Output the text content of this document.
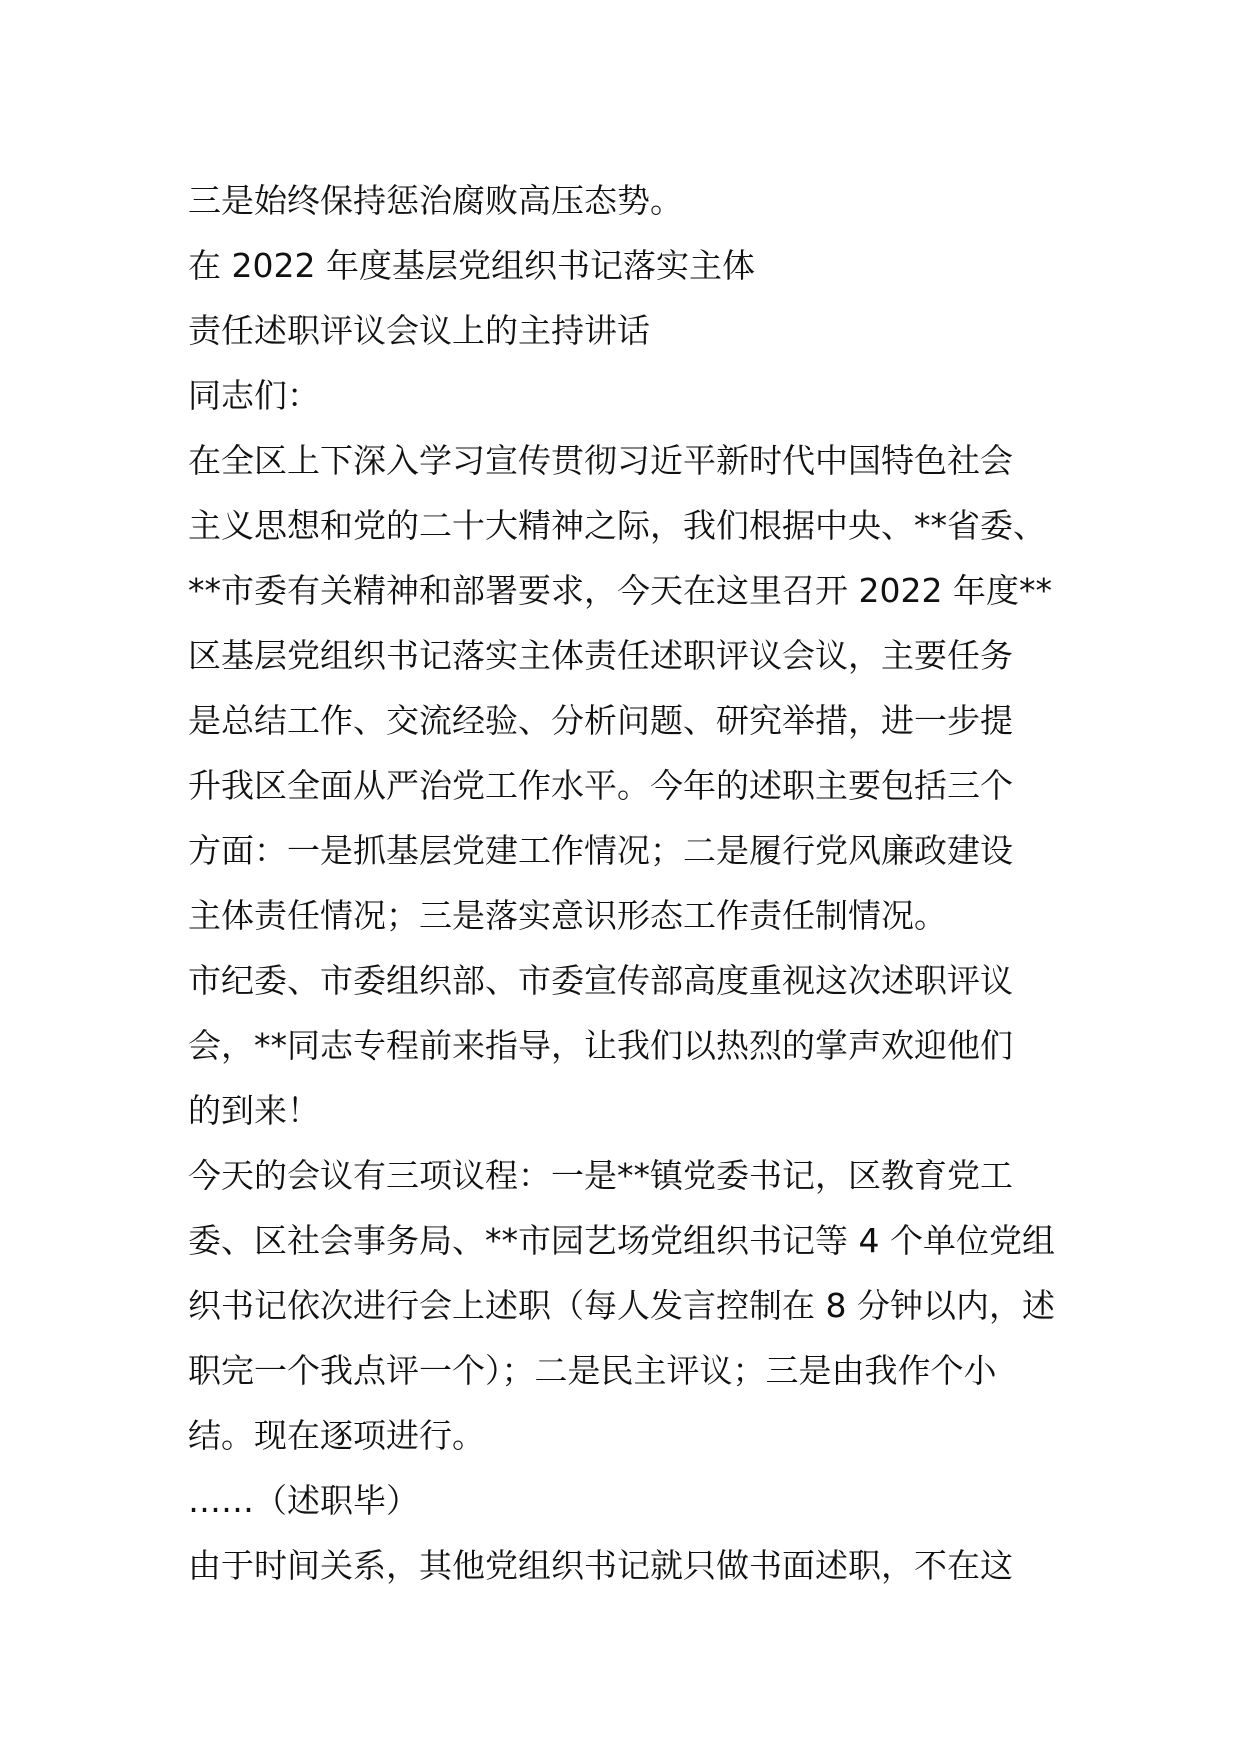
三是始终保持惩治腐败高压态势。
在 2022 年度基层党组织书记落实主体
责任述职评议会议上的主持讲话
同志们：
在全区上下深入学习宣传贯彻习近平新时代中国特色社会
主义思想和党的二十大精神之际，我们根据中央、**省委、
**市委有关精神和部署要求，今天在这里召开 2022 年度**
区基层党组织书记落实主体责任述职评议会议，主要任务
是总结工作、交流经验、分析问题、研究举措，进一步提
升我区全面从严治党工作水平。今年的述职主要包括三个
方面：一是抓基层党建工作情况；二是履行党风廉政建设
主体责任情况；三是落实意识形态工作责任制情况。
市纪委、市委组织部、市委宣传部高度重视这次述职评议
会，**同志专程前来指导，让我们以热烈的掌声欢迎他们
的到来！
今天的会议有三项议程：一是**镇党委书记，区教育党工
委、区社会事务局、**市园艺场党组织书记等 4 个单位党组
织书记依次进行会上述职（每人发言控制在 8 分钟以内，述
职完一个我点评一个）；二是民主评议；三是由我作个小
结。现在逐项进行。
……（述职毕）
由于时间关系，其他党组织书记就只做书面述职，不在这
